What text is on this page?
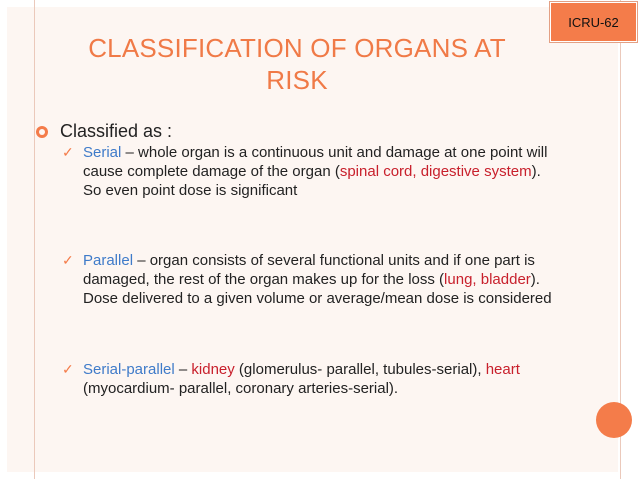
ICRU-62
CLASSIFICATION OF ORGANS AT RISK
Classified as :
✓ Serial – whole organ is a continuous unit and damage at one point will cause complete damage of the organ (spinal cord, digestive system). So even point dose is significant
✓ Parallel – organ consists of several functional units and if one part is damaged, the rest of the organ makes up for the loss (lung, bladder). Dose delivered to a given volume or average/mean dose is considered
✓ Serial-parallel – kidney (glomerulus- parallel, tubules-serial), heart (myocardium- parallel, coronary arteries-serial).
